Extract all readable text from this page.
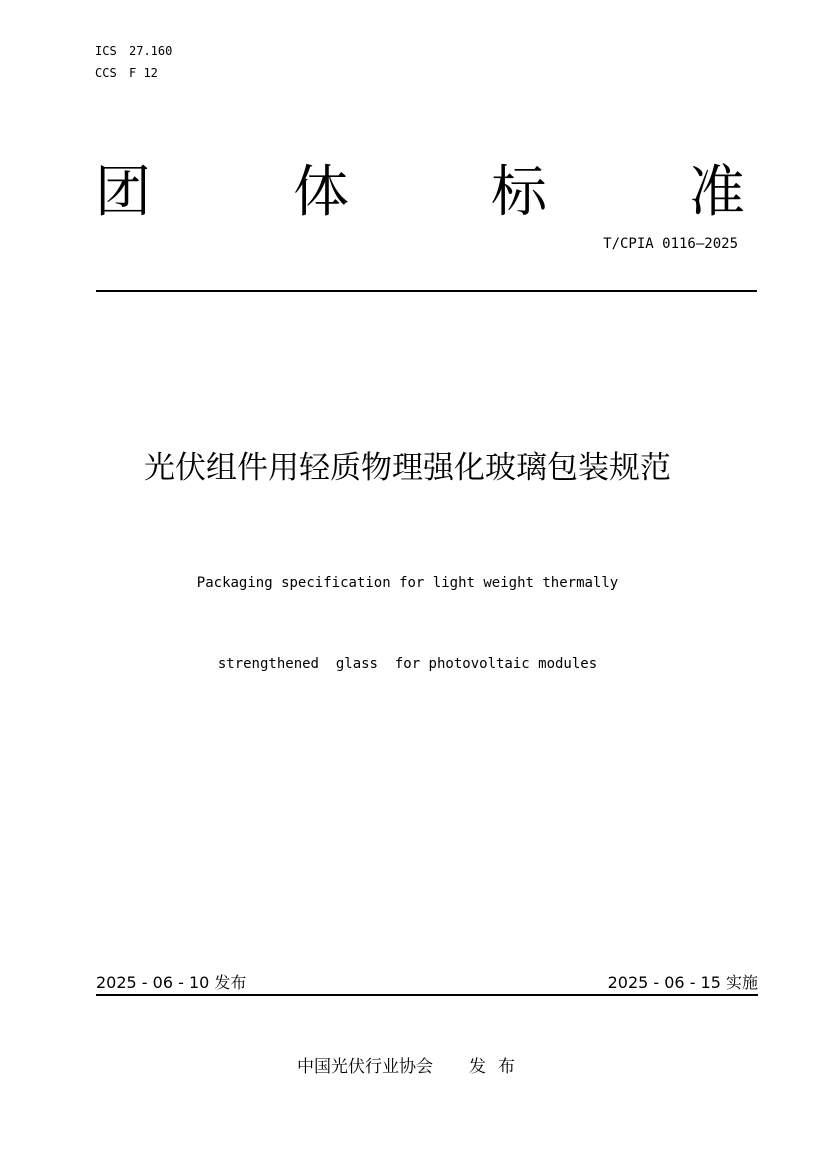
ICS 27.160
CCS F 12
团	体	标	准
T/CPIA 0116—2025
光伏组件用轻质物理强化玻璃包装规范

Packaging specification for light weight thermally

strengthened  glass  for photovoltaic modules

2025 - 06 - 10 发布	2025 - 06 - 15 实施
中国光伏行业协会 发 布
